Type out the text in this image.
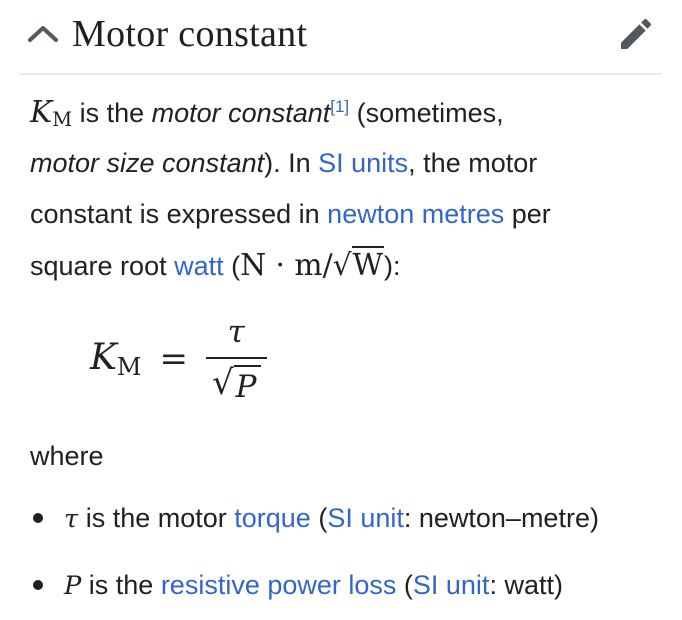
Motor constant
KM is the motor constant[1] (sometimes,
motor size constant). In SI units, the motor
constant is expressed in newton metres per
square root watt (N · m/√W):
KM = $\frac{\tau}{√ P}$
where
τ is the motor torque (SI unit: newton–metre)
P is the resistive power loss (SI unit: watt)
